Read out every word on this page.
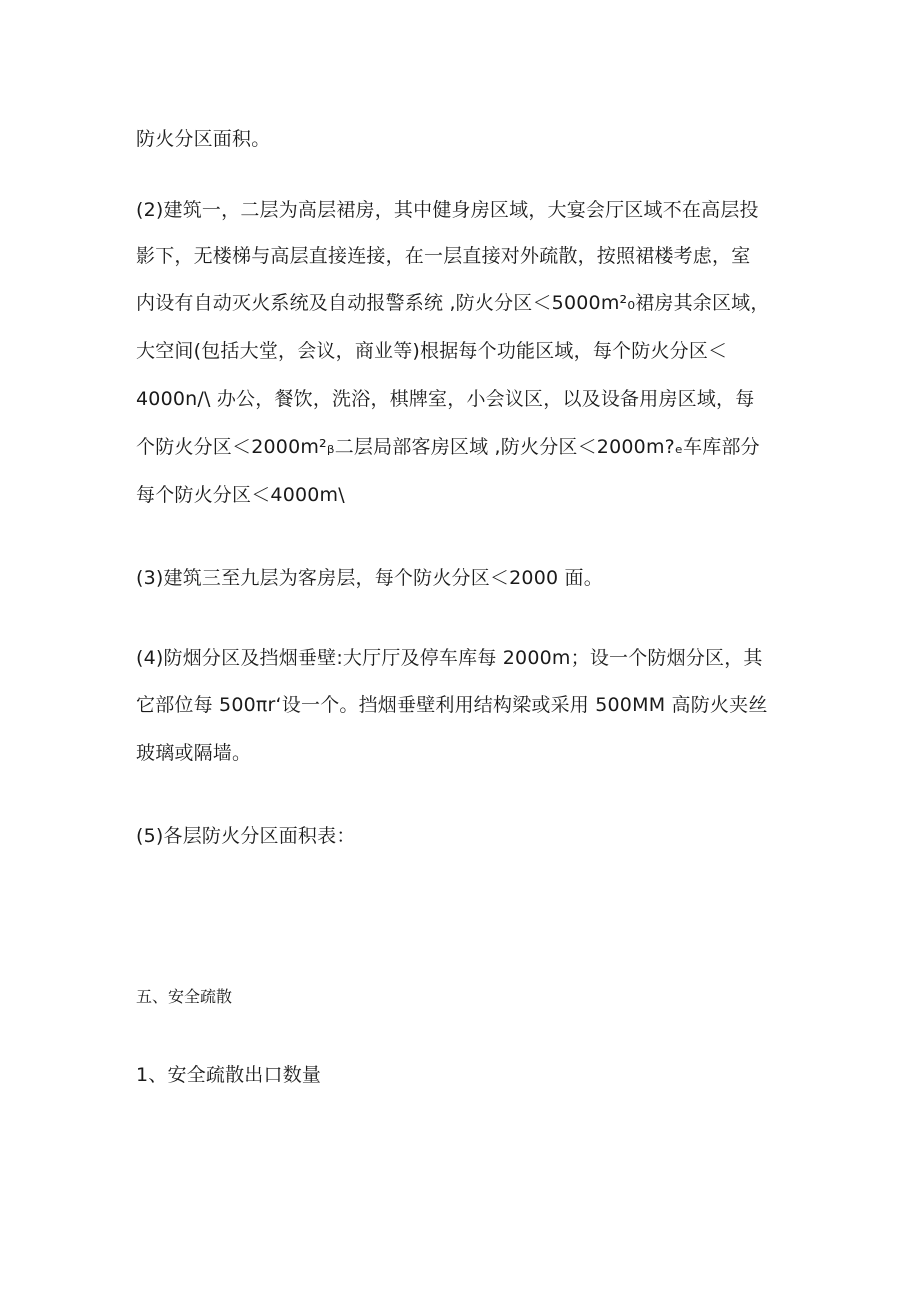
防火分区面积。
(2)建筑一，二层为高层裙房，其中健身房区域，大宴会厅区域不在高层投
影下，无楼梯与高层直接连接，在一层直接对外疏散，按照裙楼考虑，室
内设有自动灭火系统及自动报警系统 ,防火分区＜5000m²₀裙房其余区域，
大空间(包括大堂，会议，商业等)根据每个功能区域，每个防火分区＜
4000n/\ 办公，餐饮，洗浴，棋牌室，小会议区，以及设备用房区域，每
个防火分区＜2000m²ᵦ二层局部客房区域 ,防火分区＜2000m?ₑ车库部分
每个防火分区＜4000m\
(3)建筑三至九层为客房层，每个防火分区＜2000 面。
(4)防烟分区及挡烟垂壁:大厅厅及停车库每 2000m；设一个防烟分区，其
它部位每 500πr‘设一个。挡烟垂壁利用结构梁或采用 500MM 高防火夹丝
玻璃或隔墙。
(5)各层防火分区面积表：
五、安全疏散
1、安全疏散出口数量
